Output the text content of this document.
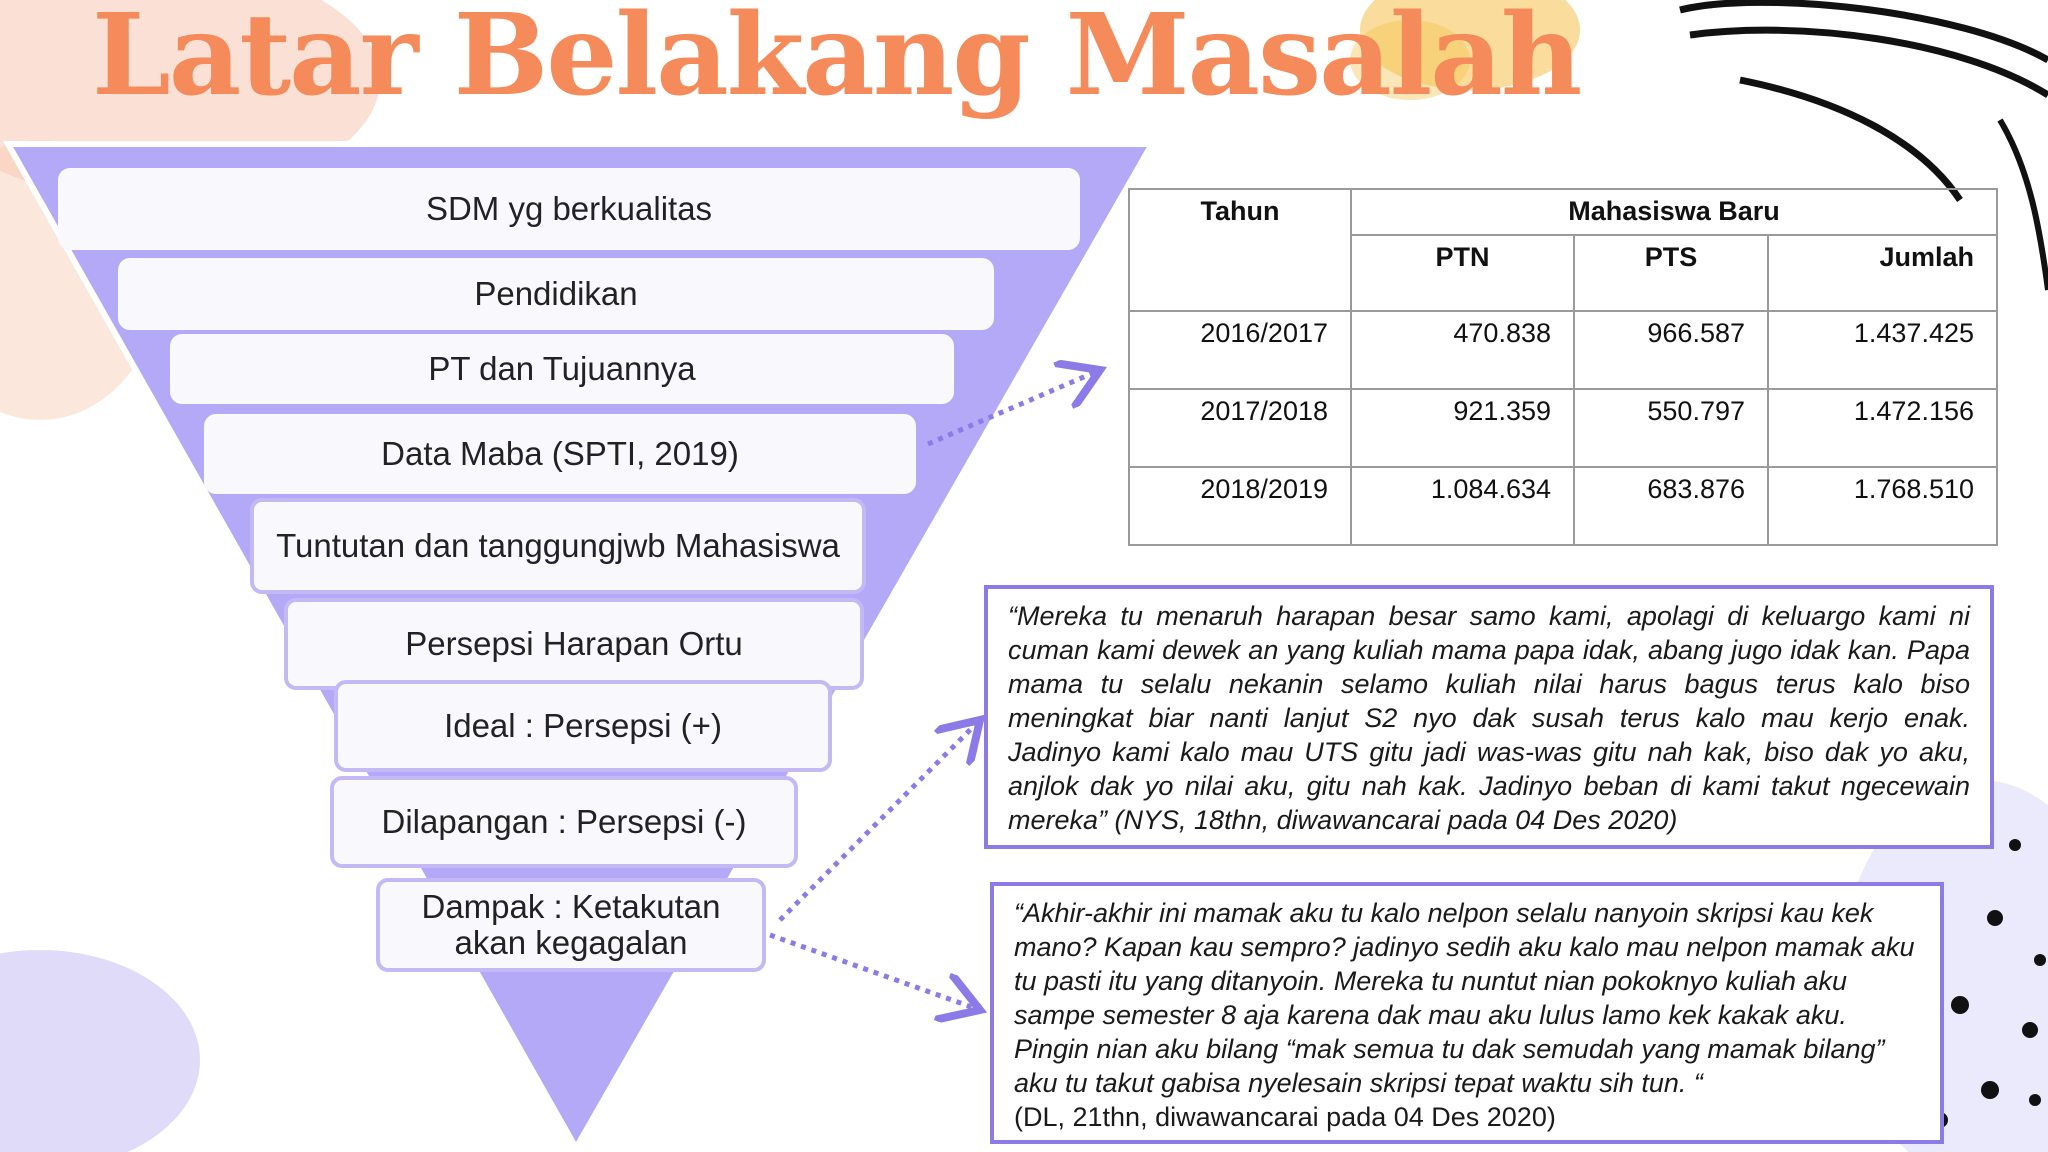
Latar Belakang Masalah
SDM yg berkualitas
Pendidikan
PT dan Tujuannya
Data Maba (SPTI, 2019)
Tuntutan dan tanggungjwb Mahasiswa
Persepsi Harapan Ortu
Ideal : Persepsi (+)
Dilapangan : Persepsi (-)
Dampak : Ketakutan akan kegagalan
Tahun	Mahasiswa Baru		
	PTN	PTS	Jumlah
2016/2017	470.838	966.587	1.437.425
2017/2018	921.359	550.797	1.472.156
2018/2019	1.084.634	683.876	1.768.510
“Mereka tu menaruh harapan besar samo kami, apolagi di keluargo kami ni cuman kami dewek an yang kuliah mama papa idak, abang jugo idak kan. Papa mama tu selalu nekanin selamo kuliah nilai harus bagus terus kalo biso meningkat biar nanti lanjut S2 nyo dak susah terus kalo mau kerjo enak. Jadinyo kami kalo mau UTS gitu jadi was-was gitu nah kak, biso dak yo aku, anjlok dak yo nilai aku, gitu nah kak. Jadinyo beban di kami takut ngecewain mereka” (NYS, 18thn, diwawancarai pada 04 Des 2020)
“Akhir-akhir ini mamak aku tu kalo nelpon selalu nanyoin skripsi kau kek mano? Kapan kau sempro? jadinyo sedih aku kalo mau nelpon mamak aku tu pasti itu yang ditanyoin. Mereka tu nuntut nian pokoknyo kuliah aku sampe semester 8 aja karena dak mau aku lulus lamo kek kakak aku. Pingin nian aku bilang “mak semua tu dak semudah yang mamak bilang” aku tu takut gabisa nyelesain skripsi tepat waktu sih tun. “
(DL, 21thn, diwawancarai pada 04 Des 2020)
